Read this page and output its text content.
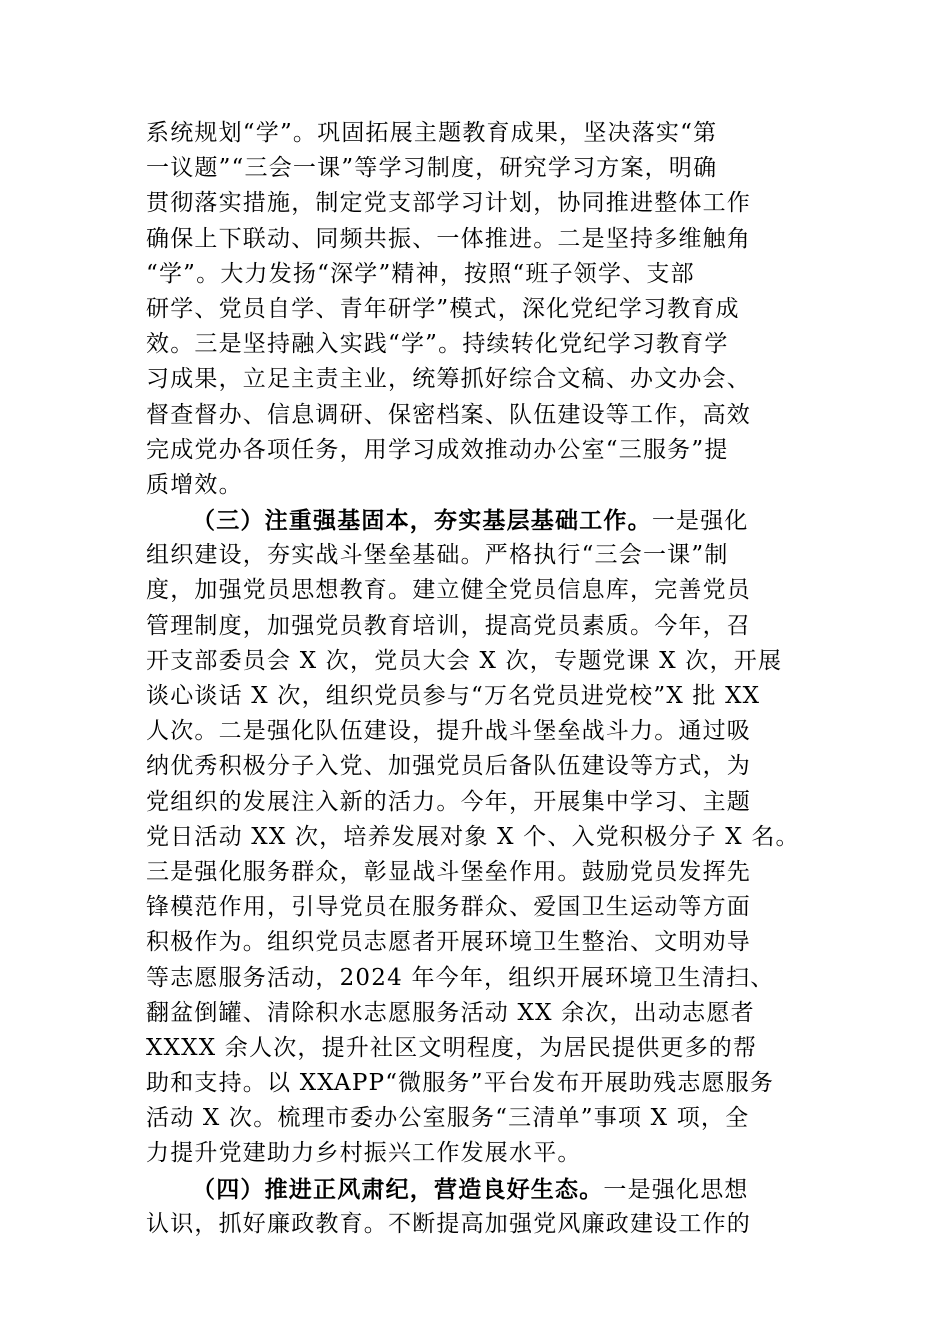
系统规划“学”。巩固拓展主题教育成果，坚决落实“第
一议题”“三会一课”等学习制度，研究学习方案，明确
贯彻落实措施，制定党支部学习计划，协同推进整体工作
确保上下联动、同频共振、一体推进。二是坚持多维触角
“学”。大力发扬“深学”精神，按照“班子领学、支部
研学、党员自学、青年研学”模式，深化党纪学习教育成
效。三是坚持融入实践“学”。持续转化党纪学习教育学
习成果，立足主责主业，统筹抓好综合文稿、办文办会、
督查督办、信息调研、保密档案、队伍建设等工作，高效
完成党办各项任务，用学习成效推动办公室“三服务”提
质增效。
（三）注重强基固本，夯实基层基础工作。一是强化
组织建设，夯实战斗堡垒基础。严格执行“三会一课”制
度，加强党员思想教育。建立健全党员信息库，完善党员
管理制度，加强党员教育培训，提高党员素质。今年，召
开支部委员会 X 次，党员大会 X 次，专题党课 X 次，开展
谈心谈话 X 次，组织党员参与“万名党员进党校”X 批 XX
人次。二是强化队伍建设，提升战斗堡垒战斗力。通过吸
纳优秀积极分子入党、加强党员后备队伍建设等方式，为
党组织的发展注入新的活力。今年，开展集中学习、主题
党日活动 XX 次，培养发展对象 X 个、入党积极分子 X 名。
三是强化服务群众，彰显战斗堡垒作用。鼓励党员发挥先
锋模范作用，引导党员在服务群众、爱国卫生运动等方面
积极作为。组织党员志愿者开展环境卫生整治、文明劝导
等志愿服务活动，2024 年今年，组织开展环境卫生清扫、
翻盆倒罐、清除积水志愿服务活动 XX 余次，出动志愿者
XXXX 余人次，提升社区文明程度，为居民提供更多的帮
助和支持。以 XXAPP“微服务”平台发布开展助残志愿服务
活动 X 次。梳理市委办公室服务“三清单”事项 X 项，全
力提升党建助力乡村振兴工作发展水平。
（四）推进正风肃纪，营造良好生态。一是强化思想
认识，抓好廉政教育。不断提高加强党风廉政建设工作的
